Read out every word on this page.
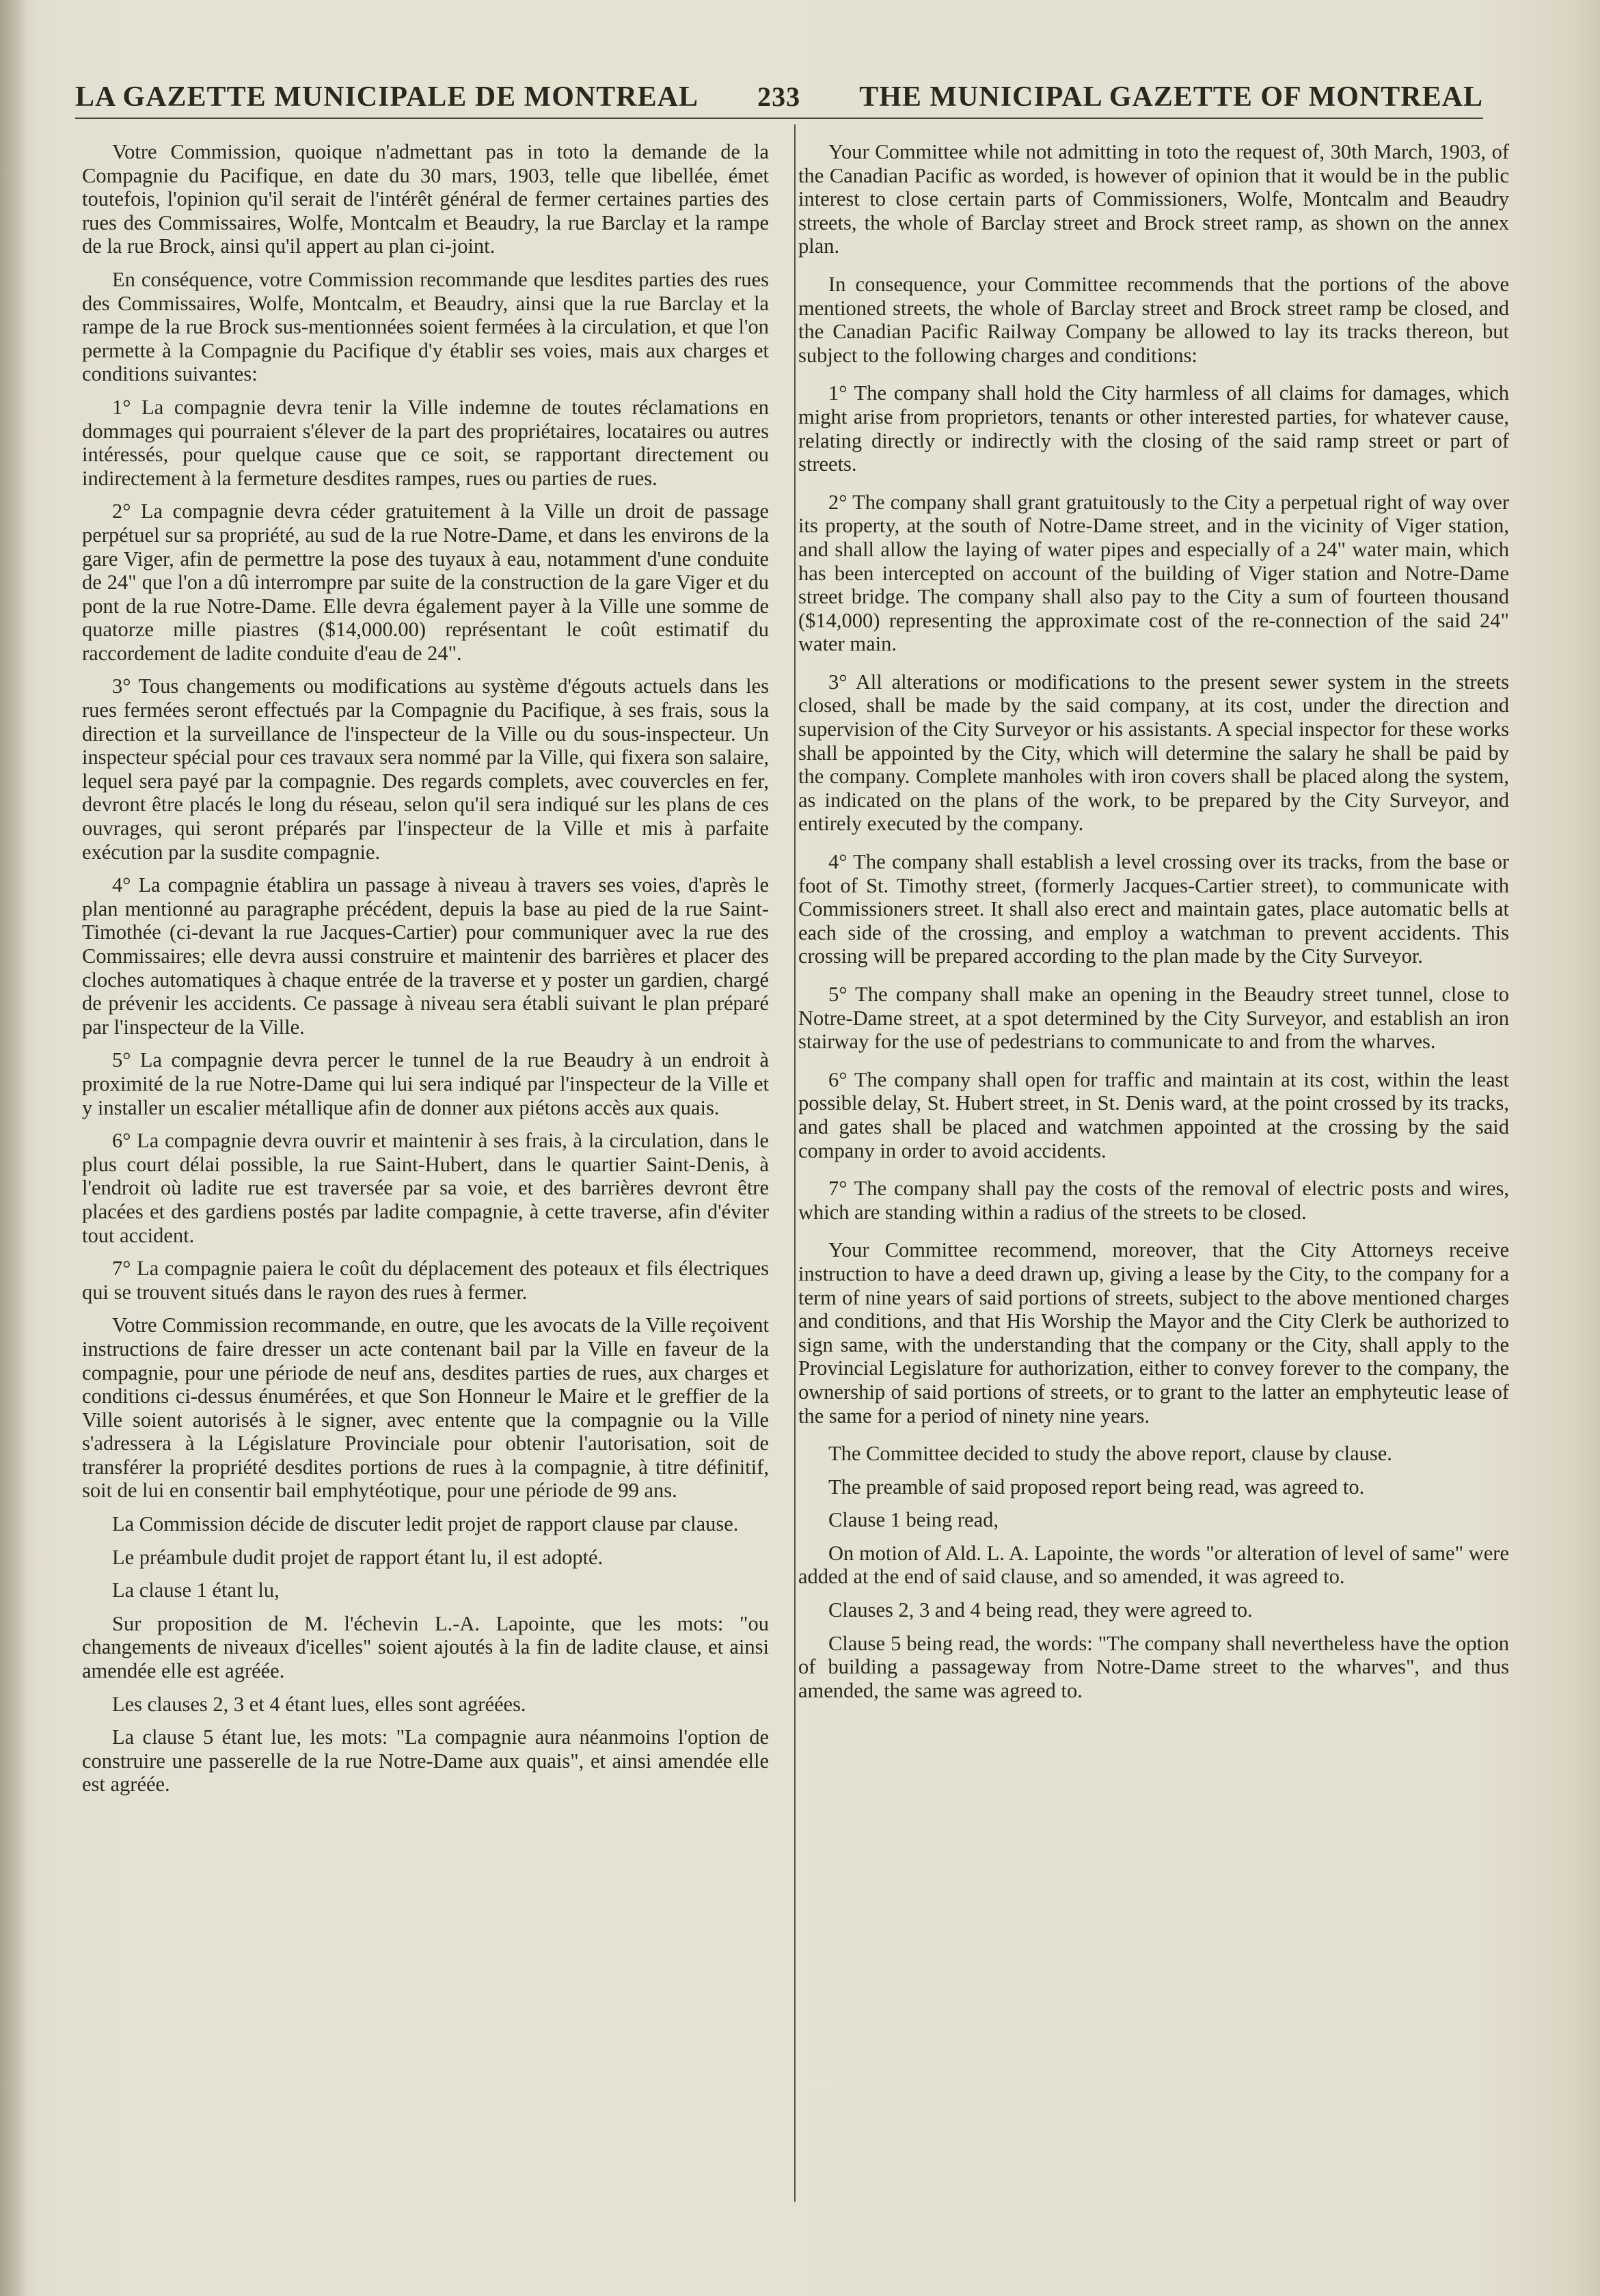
LA GAZETTE MUNICIPALE DE MONTREAL 233 THE MUNICIPAL GAZETTE OF MONTREAL

Votre Commission, quoique n'admettant pas in toto la demande de la Compagnie du Pacifique, en date du 30 mars, 1903, telle que libellée, émet toutefois, l'opinion qu'il serait de l'intérêt général de fermer certaines parties des rues des Commissaires, Wolfe, Montcalm et Beaudry, la rue Barclay et la rampe de la rue Brock, ainsi qu'il appert au plan ci-joint.

En conséquence, votre Commission recommande que lesdites parties des rues des Commissaires, Wolfe, Montcalm, et Beaudry, ainsi que la rue Barclay et la rampe de la rue Brock sus-mentionnées soient fermées à la circulation, et que l'on permette à la Compagnie du Pacifique d'y établir ses voies, mais aux charges et conditions suivantes:

1° La compagnie devra tenir la Ville indemne de toutes réclamations en dommages qui pourraient s'élever de la part des propriétaires, locataires ou autres intéressés, pour quelque cause que ce soit, se rapportant directement ou indirectement à la fermeture desdites rampes, rues ou parties de rues.

2° La compagnie devra céder gratuitement à la Ville un droit de passage perpétuel sur sa propriété, au sud de la rue Notre-Dame, et dans les environs de la gare Viger, afin de permettre la pose des tuyaux à eau, notamment d'une conduite de 24" que l'on a dû interrompre par suite de la construction de la gare Viger et du pont de la rue Notre-Dame. Elle devra également payer à la Ville une somme de quatorze mille piastres ($14,000.00) représentant le coût estimatif du raccordement de ladite conduite d'eau de 24".

3° Tous changements ou modifications au système d'égouts actuels dans les rues fermées seront effectués par la Compagnie du Pacifique, à ses frais, sous la direction et la surveillance de l'inspecteur de la Ville ou du sous-inspecteur. Un inspecteur spécial pour ces travaux sera nommé par la Ville, qui fixera son salaire, lequel sera payé par la compagnie. Des regards complets, avec couvercles en fer, devront être placés le long du réseau, selon qu'il sera indiqué sur les plans de ces ouvrages, qui seront préparés par l'inspecteur de la Ville et mis à parfaite exécution par la susdite compagnie.

4° La compagnie établira un passage à niveau à travers ses voies, d'après le plan mentionné au paragraphe précédent, depuis la base au pied de la rue Saint-Timothée (ci-devant la rue Jacques-Cartier) pour communiquer avec la rue des Commissaires; elle devra aussi construire et maintenir des barrières et placer des cloches automatiques à chaque entrée de la traverse et y poster un gardien, chargé de prévenir les accidents. Ce passage à niveau sera établi suivant le plan préparé par l'inspecteur de la Ville.

5° La compagnie devra percer le tunnel de la rue Beaudry à un endroit à proximité de la rue Notre-Dame qui lui sera indiqué par l'inspecteur de la Ville et y installer un escalier métallique afin de donner aux piétons accès aux quais.

6° La compagnie devra ouvrir et maintenir à ses frais, à la circulation, dans le plus court délai possible, la rue Saint-Hubert, dans le quartier Saint-Denis, à l'endroit où ladite rue est traversée par sa voie, et des barrières devront être placées et des gardiens postés par ladite compagnie, à cette traverse, afin d'éviter tout accident.

7° La compagnie paiera le coût du déplacement des poteaux et fils électriques qui se trouvent situés dans le rayon des rues à fermer.

Votre Commission recommande, en outre, que les avocats de la Ville reçoivent instructions de faire dresser un acte contenant bail par la Ville en faveur de la compagnie, pour une période de neuf ans, desdites parties de rues, aux charges et conditions ci-dessus énumérées, et que Son Honneur le Maire et le greffier de la Ville soient autorisés à le signer, avec entente que la compagnie ou la Ville s'adressera à la Législature Provinciale pour obtenir l'autorisation, soit de transférer la propriété desdites portions de rues à la compagnie, à titre définitif, soit de lui en consentir bail emphytéotique, pour une période de 99 ans.

La Commission décide de discuter ledit projet de rapport clause par clause.

Le préambule dudit projet de rapport étant lu, il est adopté.

La clause 1 étant lu,

Sur proposition de M. l'échevin L.-A. Lapointe, que les mots: "ou changements de niveaux d'icelles" soient ajoutés à la fin de ladite clause, et ainsi amendée elle est agréée.

Les clauses 2, 3 et 4 étant lues, elles sont agréées.

La clause 5 étant lue, les mots: "La compagnie aura néanmoins l'option de construire une passerelle de la rue Notre-Dame aux quais", et ainsi amendée elle est agréée.

Your Committee while not admitting in toto the request of, 30th March, 1903, of the Canadian Pacific as worded, is however of opinion that it would be in the public interest to close certain parts of Commissioners, Wolfe, Montcalm and Beaudry streets, the whole of Barclay street and Brock street ramp, as shown on the annex plan.

In consequence, your Committee recommends that the portions of the above mentioned streets, the whole of Barclay street and Brock street ramp be closed, and the Canadian Pacific Railway Company be allowed to lay its tracks thereon, but subject to the following charges and conditions:

1° The company shall hold the City harmless of all claims for damages, which might arise from proprietors, tenants or other interested parties, for whatever cause, relating directly or indirectly with the closing of the said ramp street or part of streets.

2° The company shall grant gratuitously to the City a perpetual right of way over its property, at the south of Notre-Dame street, and in the vicinity of Viger station, and shall allow the laying of water pipes and especially of a 24" water main, which has been intercepted on account of the building of Viger station and Notre-Dame street bridge. The company shall also pay to the City a sum of fourteen thousand ($14,000) representing the approximate cost of the re-connection of the said 24" water main.

3° All alterations or modifications to the present sewer system in the streets closed, shall be made by the said company, at its cost, under the direction and supervision of the City Surveyor or his assistants. A special inspector for these works shall be appointed by the City, which will determine the salary he shall be paid by the company. Complete manholes with iron covers shall be placed along the system, as indicated on the plans of the work, to be prepared by the City Surveyor, and entirely executed by the company.

4° The company shall establish a level crossing over its tracks, from the base or foot of St. Timothy street, (formerly Jacques-Cartier street), to communicate with Commissioners street. It shall also erect and maintain gates, place automatic bells at each side of the crossing, and employ a watchman to prevent accidents. This crossing will be prepared according to the plan made by the City Surveyor.

5° The company shall make an opening in the Beaudry street tunnel, close to Notre-Dame street, at a spot determined by the City Surveyor, and establish an iron stairway for the use of pedestrians to communicate to and from the wharves.

6° The company shall open for traffic and maintain at its cost, within the least possible delay, St. Hubert street, in St. Denis ward, at the point crossed by its tracks, and gates shall be placed and watchmen appointed at the crossing by the said company in order to avoid accidents.

7° The company shall pay the costs of the removal of electric posts and wires, which are standing within a radius of the streets to be closed.

Your Committee recommend, moreover, that the City Attorneys receive instruction to have a deed drawn up, giving a lease by the City, to the company for a term of nine years of said portions of streets, subject to the above mentioned charges and conditions, and that His Worship the Mayor and the City Clerk be authorized to sign same, with the understanding that the company or the City, shall apply to the Provincial Legislature for authorization, either to convey forever to the company, the ownership of said portions of streets, or to grant to the latter an emphyteutic lease of the same for a period of ninety nine years.

The Committee decided to study the above report, clause by clause.

The preamble of said proposed report being read, was agreed to.

Clause 1 being read,

On motion of Ald. L. A. Lapointe, the words "or alteration of level of same" were added at the end of said clause, and so amended, it was agreed to.

Clauses 2, 3 and 4 being read, they were agreed to.

Clause 5 being read, the words: "The company shall nevertheless have the option of building a passageway from Notre-Dame street to the wharves", and thus amended, the same was agreed to.
